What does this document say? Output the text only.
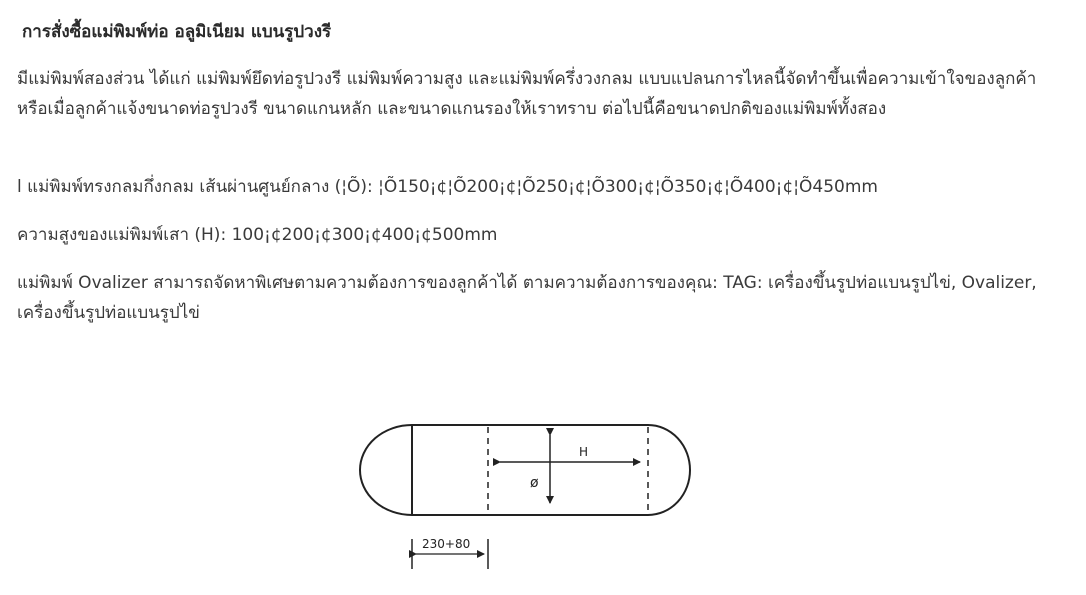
การสั่งซื้อแม่พิมพ์ท่อ อลูมิเนียม แบนรูปวงรี

มีแม่พิมพ์สองส่วน ได้แก่ แม่พิมพ์ยึดท่อรูปวงรี แม่พิมพ์ความสูง และแม่พิมพ์ครึ่งวงกลม แบบแปลนการไหลนี้จัดทำขึ้นเพื่อความเข้าใจของลูกค้า หรือเมื่อลูกค้าแจ้งขนาดท่อรูปวงรี ขนาดแกนหลัก และขนาดแกนรองให้เราทราบ ต่อไปนี้คือขนาดปกติของแม่พิมพ์ทั้งสอง

l แม่พิมพ์ทรงกลมกึ่งกลม เส้นผ่านศูนย์กลาง (¦Õ): ¦Õ150¡¢¦Õ200¡¢¦Õ250¡¢¦Õ300¡¢¦Õ350¡¢¦Õ400¡¢¦Õ450mm

ความสูงของแม่พิมพ์เสา (H): 100¡¢200¡¢300¡¢400¡¢500mm

แม่พิมพ์ Ovalizer สามารถจัดหาพิเศษตามความต้องการของลูกค้าได้ ตามความต้องการของคุณ: TAG: เครื่องขึ้นรูปท่อแบนรูปไข่, Ovalizer, เครื่องขึ้นรูปท่อแบนรูปไข่

H
ø
230+80
